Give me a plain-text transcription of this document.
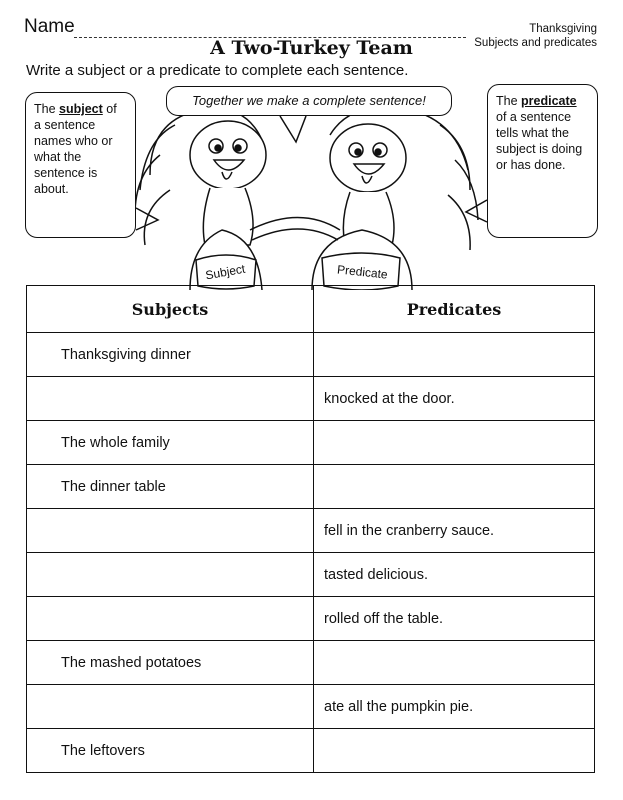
Name	Thanksgiving
Subjects and predicates
A Two-Turkey Team
Write a subject or a predicate to complete each sentence.
Subject	Predicate
The subject of a sentence names who or what the sentence is about.
Together we make a complete sentence!	The predicate of a sentence tells what the subject is doing or has done.
Subjects	Predicates
Thanksgiving dinner	
	knocked at the door.
The whole family	
The dinner table	
	fell in the cranberry sauce.
	tasted delicious.
	rolled off the table.
The mashed potatoes	
	ate all the pumpkin pie.
The leftovers	
